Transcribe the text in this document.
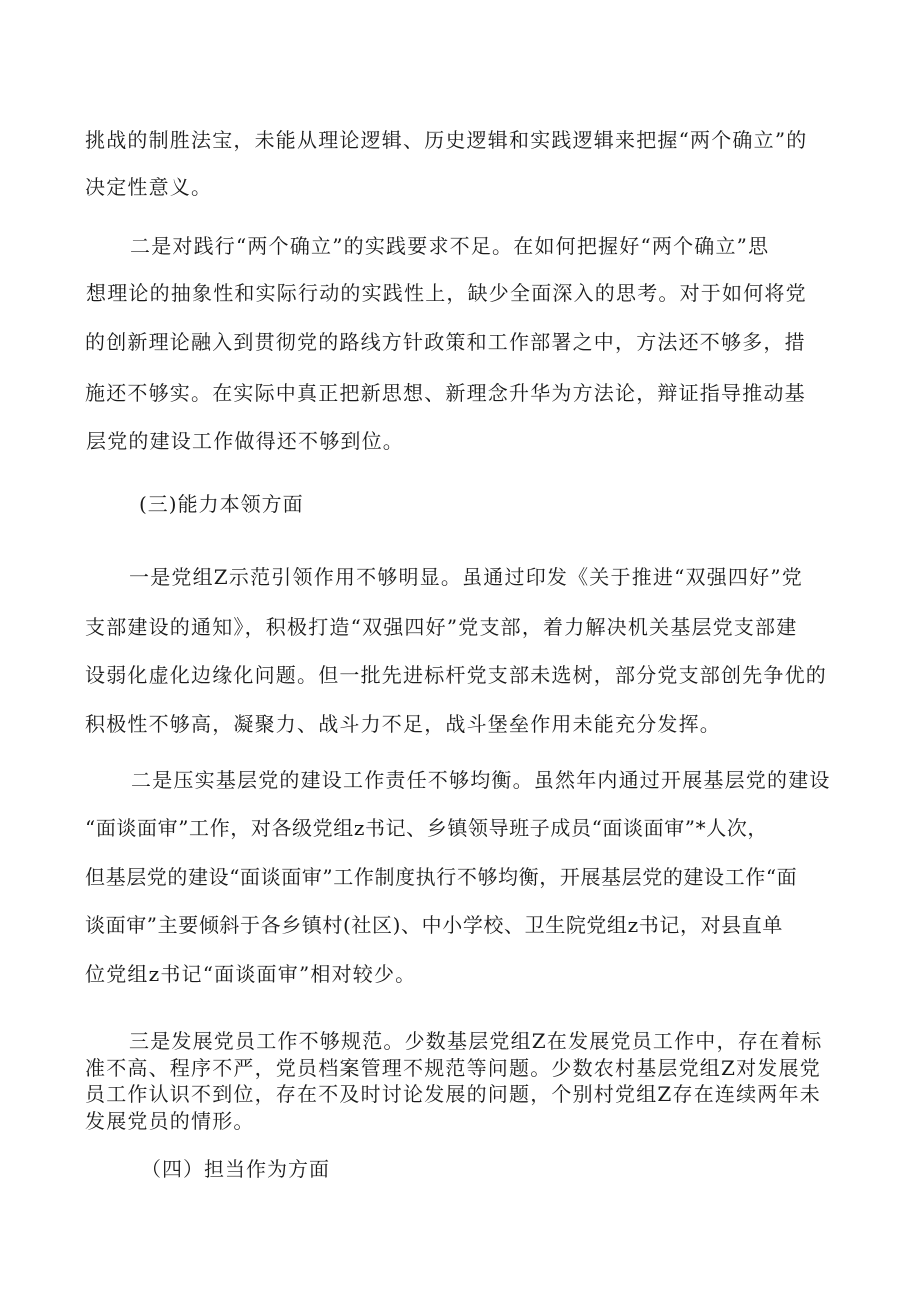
挑战的制胜法宝，未能从理论逻辑、历史逻辑和实践逻辑来把握“两个确立”的
决定性意义。
二是对践行“两个确立”的实践要求不足。在如何把握好“两个确立”思
想理论的抽象性和实际行动的实践性上，缺少全面深入的思考。对于如何将党
的创新理论融入到贯彻党的路线方针政策和工作部署之中，方法还不够多，措
施还不够实。在实际中真正把新思想、新理念升华为方法论，辩证指导推动基
层党的建设工作做得还不够到位。
(三)能力本领方面
一是党组Z示范引领作用不够明显。虽通过印发《关于推进“双强四好”党
支部建设的通知》，积极打造“双强四好”党支部，着力解决机关基层党支部建
设弱化虚化边缘化问题。但一批先进标杆党支部未选树，部分党支部创先争优的
积极性不够高，凝聚力、战斗力不足，战斗堡垒作用未能充分发挥。
二是压实基层党的建设工作责任不够均衡。虽然年内通过开展基层党的建设
“面谈面审”工作，对各级党组z书记、乡镇领导班子成员“面谈面审”*人次，
但基层党的建设“面谈面审”工作制度执行不够均衡，开展基层党的建设工作“面
谈面审”主要倾斜于各乡镇村(社区)、中小学校、卫生院党组z书记，对县直单
位党组z书记“面谈面审”相对较少。
三是发展党员工作不够规范。少数基层党组Z在发展党员工作中，存在着标
准不高、程序不严，党员档案管理不规范等问题。少数农村基层党组Z对发展党
员工作认识不到位，存在不及时讨论发展的问题，个别村党组Z存在连续两年未
发展党员的情形。
（四）担当作为方面
